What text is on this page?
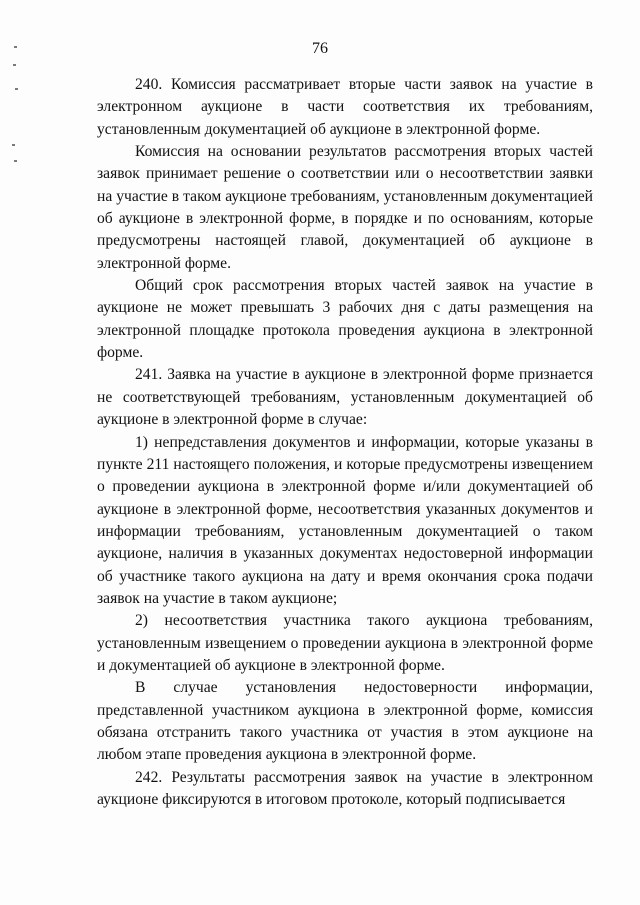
76

240. Комиссия рассматривает вторые части заявок на участие в электронном аукционе в части соответствия их требованиям, установленным документацией об аукционе в электронной форме.

Комиссия на основании результатов рассмотрения вторых частей заявок принимает решение о соответствии или о несоответствии заявки на участие в таком аукционе требованиям, установленным документацией об аукционе в электронной форме, в порядке и по основаниям, которые предусмотрены настоящей главой, документацией об аукционе в электронной форме.

Общий срок рассмотрения вторых частей заявок на участие в аукционе не может превышать 3 рабочих дня с даты размещения на электронной площадке протокола проведения аукциона в электронной форме.

241. Заявка на участие в аукционе в электронной форме признается не соответствующей требованиям, установленным документацией об аукционе в электронной форме в случае:

1) непредставления документов и информации, которые указаны в пункте 211 настоящего положения, и которые предусмотрены извещением о проведении аукциона в электронной форме и/или документацией об аукционе в электронной форме, несоответствия указанных документов и информации требованиям, установленным документацией о таком аукционе, наличия в указанных документах недостоверной информации об участнике такого аукциона на дату и время окончания срока подачи заявок на участие в таком аукционе;

2) несоответствия участника такого аукциона требованиям, установленным извещением о проведении аукциона в электронной форме и документацией об аукционе в электронной форме.

В случае установления недостоверности информации, представленной участником аукциона в электронной форме, комиссия обязана отстранить такого участника от участия в этом аукционе на любом этапе проведения аукциона в электронной форме.

242. Результаты рассмотрения заявок на участие в электронном аукционе фиксируются в итоговом протоколе, который подписывается
